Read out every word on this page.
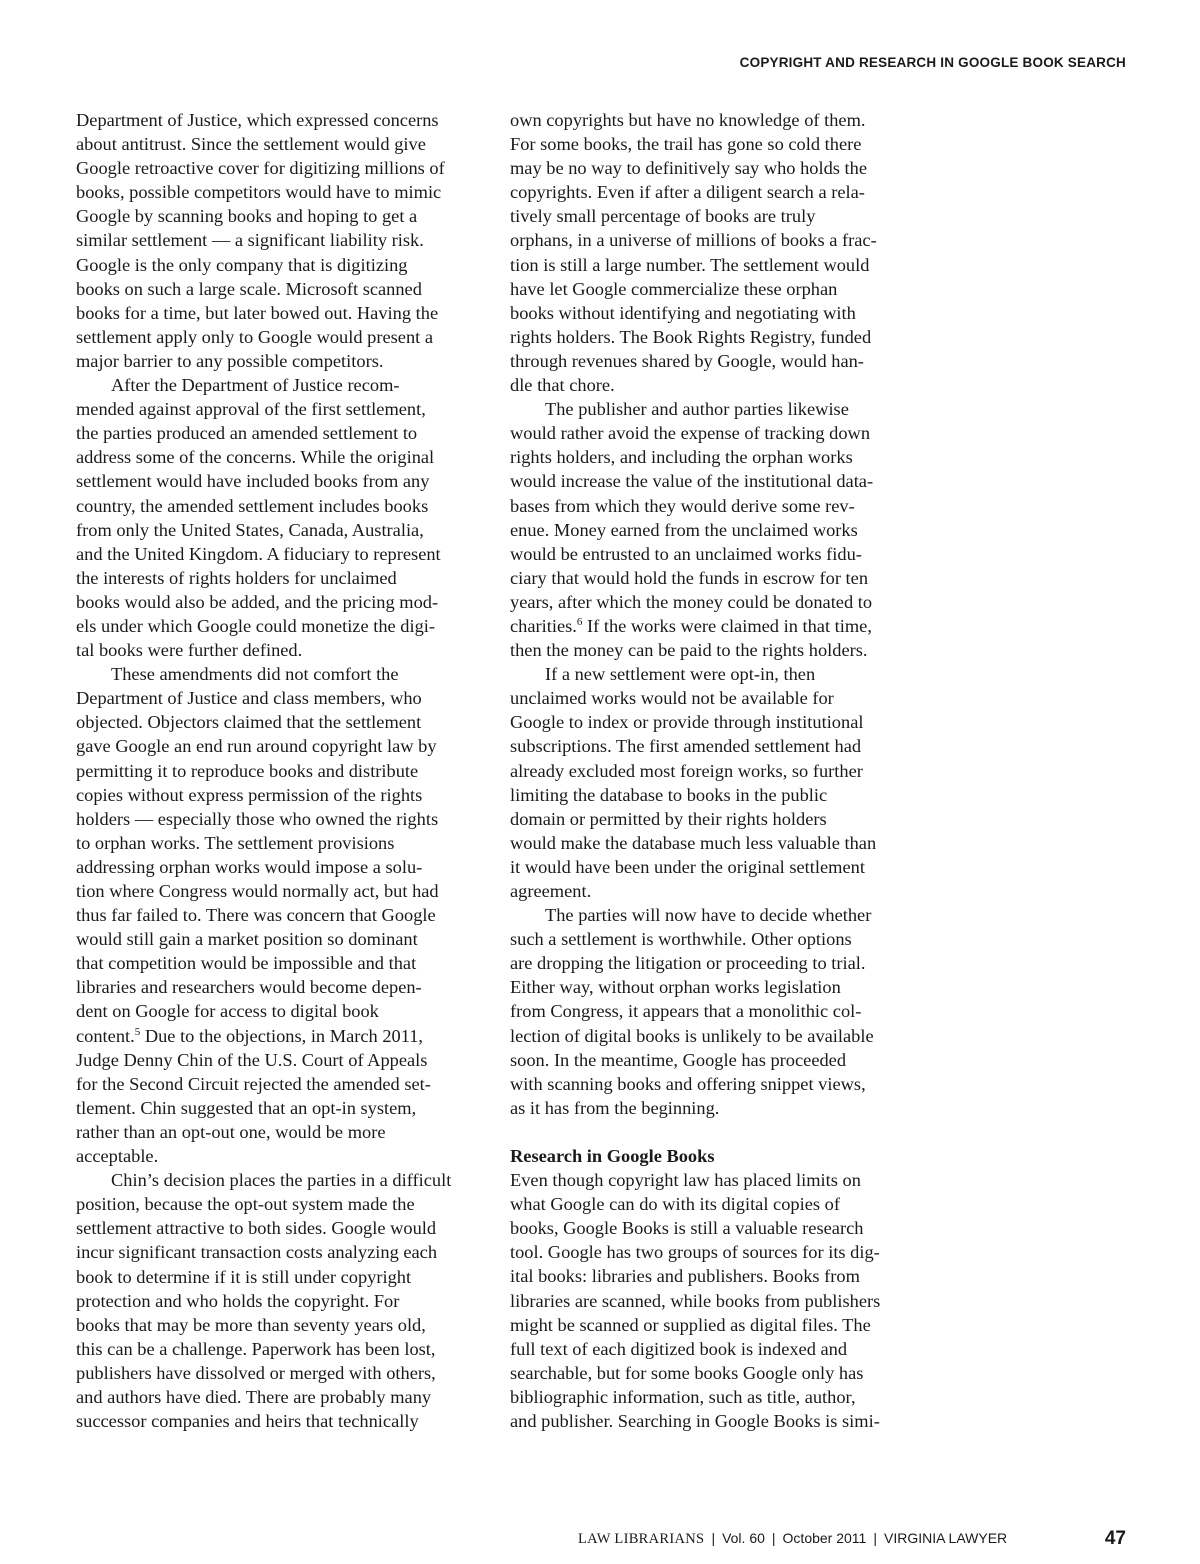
COPYRIGHT AND RESEARCH IN GOOGLE BOOK SEARCH

Department of Justice, which expressed concerns
about antitrust. Since the settlement would give
Google retroactive cover for digitizing millions of
books, possible competitors would have to mimic
Google by scanning books and hoping to get a
similar settlement — a significant liability risk.
Google is the only company that is digitizing
books on such a large scale. Microsoft scanned
books for a time, but later bowed out. Having the
settlement apply only to Google would present a
major barrier to any possible competitors.

After the Department of Justice recom-
mended against approval of the first settlement,
the parties produced an amended settlement to
address some of the concerns. While the original
settlement would have included books from any
country, the amended settlement includes books
from only the United States, Canada, Australia,
and the United Kingdom. A fiduciary to represent
the interests of rights holders for unclaimed
books would also be added, and the pricing mod-
els under which Google could monetize the digi-
tal books were further defined.

These amendments did not comfort the
Department of Justice and class members, who
objected. Objectors claimed that the settlement
gave Google an end run around copyright law by
permitting it to reproduce books and distribute
copies without express permission of the rights
holders — especially those who owned the rights
to orphan works. The settlement provisions
addressing orphan works would impose a solu-
tion where Congress would normally act, but had
thus far failed to. There was concern that Google
would still gain a market position so dominant
that competition would be impossible and that
libraries and researchers would become depen-
dent on Google for access to digital book
content.$^5$ Due to the objections, in March 2011,
Judge Denny Chin of the U.S. Court of Appeals
for the Second Circuit rejected the amended set-
tlement. Chin suggested that an opt-in system,
rather than an opt-out one, would be more
acceptable.

Chin’s decision places the parties in a difficult
position, because the opt-out system made the
settlement attractive to both sides. Google would
incur significant transaction costs analyzing each
book to determine if it is still under copyright
protection and who holds the copyright. For
books that may be more than seventy years old,
this can be a challenge. Paperwork has been lost,
publishers have dissolved or merged with others,
and authors have died. There are probably many
successor companies and heirs that technically

own copyrights but have no knowledge of them.
For some books, the trail has gone so cold there
may be no way to definitively say who holds the
copyrights. Even if after a diligent search a rela-
tively small percentage of books are truly
orphans, in a universe of millions of books a frac-
tion is still a large number. The settlement would
have let Google commercialize these orphan
books without identifying and negotiating with
rights holders. The Book Rights Registry, funded
through revenues shared by Google, would han-
dle that chore.

The publisher and author parties likewise
would rather avoid the expense of tracking down
rights holders, and including the orphan works
would increase the value of the institutional data-
bases from which they would derive some rev-
enue. Money earned from the unclaimed works
would be entrusted to an unclaimed works fidu-
ciary that would hold the funds in escrow for ten
years, after which the money could be donated to
charities.$^6$ If the works were claimed in that time,
then the money can be paid to the rights holders.

If a new settlement were opt-in, then
unclaimed works would not be available for
Google to index or provide through institutional
subscriptions. The first amended settlement had
already excluded most foreign works, so further
limiting the database to books in the public
domain or permitted by their rights holders
would make the database much less valuable than
it would have been under the original settlement
agreement.

The parties will now have to decide whether
such a settlement is worthwhile. Other options
are dropping the litigation or proceeding to trial.
Either way, without orphan works legislation
from Congress, it appears that a monolithic col-
lection of digital books is unlikely to be available
soon. In the meantime, Google has proceeded
with scanning books and offering snippet views,
as it has from the beginning.

Research in Google Books

Even though copyright law has placed limits on
what Google can do with its digital copies of
books, Google Books is still a valuable research
tool. Google has two groups of sources for its dig-
ital books: libraries and publishers. Books from
libraries are scanned, while books from publishers
might be scanned or supplied as digital files. The
full text of each digitized book is indexed and
searchable, but for some books Google only has
bibliographic information, such as title, author,
and publisher. Searching in Google Books is simi-

LAW LIBRARIANS | Vol. 60 | October 2011 | VIRGINIA LAWYER	47
